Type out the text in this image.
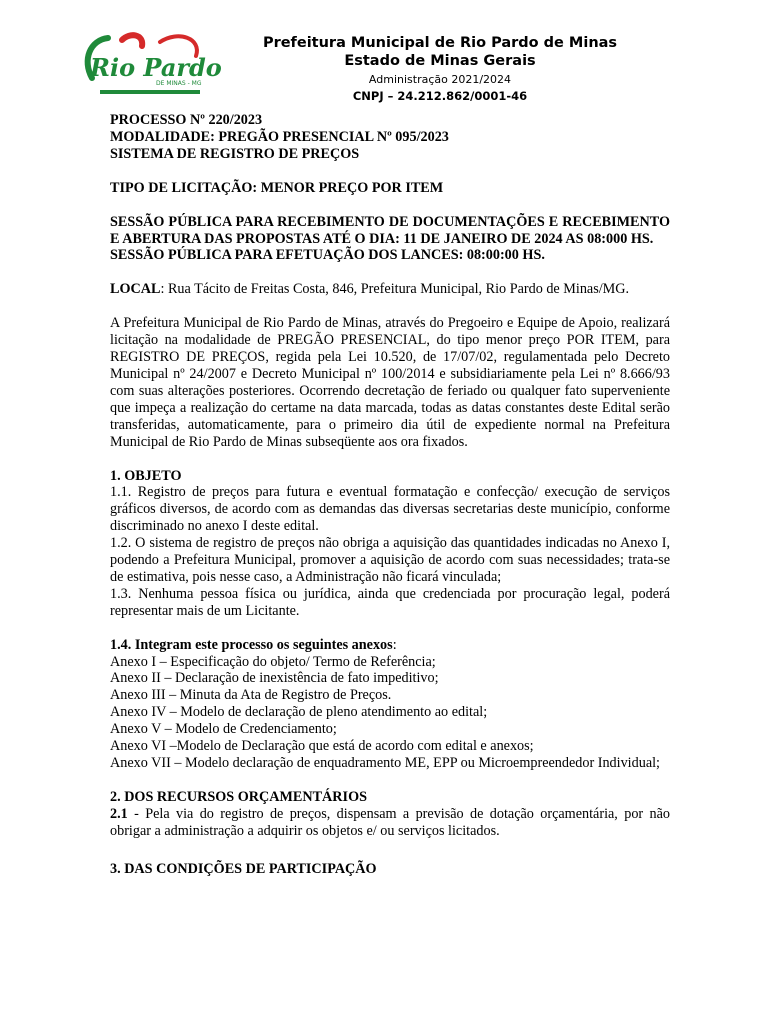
Rio Pardo
DE MINAS - MG
Prefeitura Municipal de Rio Pardo de Minas
Estado de Minas Gerais
Administração 2021/2024
CNPJ – 24.212.862/0001-46

PROCESSO Nº 220/2023

MODALIDADE: PREGÃO PRESENCIAL Nº 095/2023

SISTEMA DE REGISTRO DE PREÇOS

TIPO DE LICITAÇÃO: MENOR PREÇO POR ITEM

SESSÃO PÚBLICA PARA RECEBIMENTO DE DOCUMENTAÇÕES E RECEBIMENTO E ABERTURA DAS PROPOSTAS ATÉ O DIA: 11 DE JANEIRO DE 2024 AS 08:000 HS.

SESSÃO PÚBLICA PARA EFETUAÇÃO DOS LANCES: 08:00:00 HS.

LOCAL: Rua Tácito de Freitas Costa, 846, Prefeitura Municipal, Rio Pardo de Minas/MG.

A Prefeitura Municipal de Rio Pardo de Minas, através do Pregoeiro e Equipe de Apoio, realizará licitação na modalidade de PREGÃO PRESENCIAL, do tipo menor preço POR ITEM, para REGISTRO DE PREÇOS, regida pela Lei 10.520, de 17/07/02, regulamentada pelo Decreto Municipal nº 24/2007 e Decreto Municipal nº 100/2014 e subsidiariamente pela Lei nº 8.666/93 com suas alterações posteriores. Ocorrendo decretação de feriado ou qualquer fato superveniente que impeça a realização do certame na data marcada, todas as datas constantes deste Edital serão transferidas, automaticamente, para o primeiro dia útil de expediente normal na Prefeitura Municipal de Rio Pardo de Minas subseqüente aos ora fixados.

1. OBJETO

1.1. Registro de preços para futura e eventual formatação e confecção/ execução de serviços gráficos diversos, de acordo com as demandas das diversas secretarias deste município, conforme discriminado no anexo I deste edital.

1.2. O sistema de registro de preços não obriga a aquisição das quantidades indicadas no Anexo I, podendo a Prefeitura Municipal, promover a aquisição de acordo com suas necessidades; trata-se de estimativa, pois nesse caso, a Administração não ficará vinculada;

1.3. Nenhuma pessoa física ou jurídica, ainda que credenciada por procuração legal, poderá representar mais de um Licitante.

1.4. Integram este processo os seguintes anexos:

Anexo I – Especificação do objeto/ Termo de Referência;

Anexo II – Declaração de inexistência de fato impeditivo;

Anexo III – Minuta da Ata de Registro de Preços.

Anexo IV – Modelo de declaração de pleno atendimento ao edital;

Anexo V – Modelo de Credenciamento;

Anexo VI –Modelo de Declaração que está de acordo com edital e anexos;

Anexo VII – Modelo declaração de enquadramento ME, EPP ou Microempreendedor Individual;

2. DOS RECURSOS ORÇAMENTÁRIOS

2.1 - Pela via do registro de preços, dispensam a previsão de dotação orçamentária, por não obrigar a administração a adquirir os objetos e/ ou serviços licitados.

3. DAS CONDIÇÕES DE PARTICIPAÇÃO
